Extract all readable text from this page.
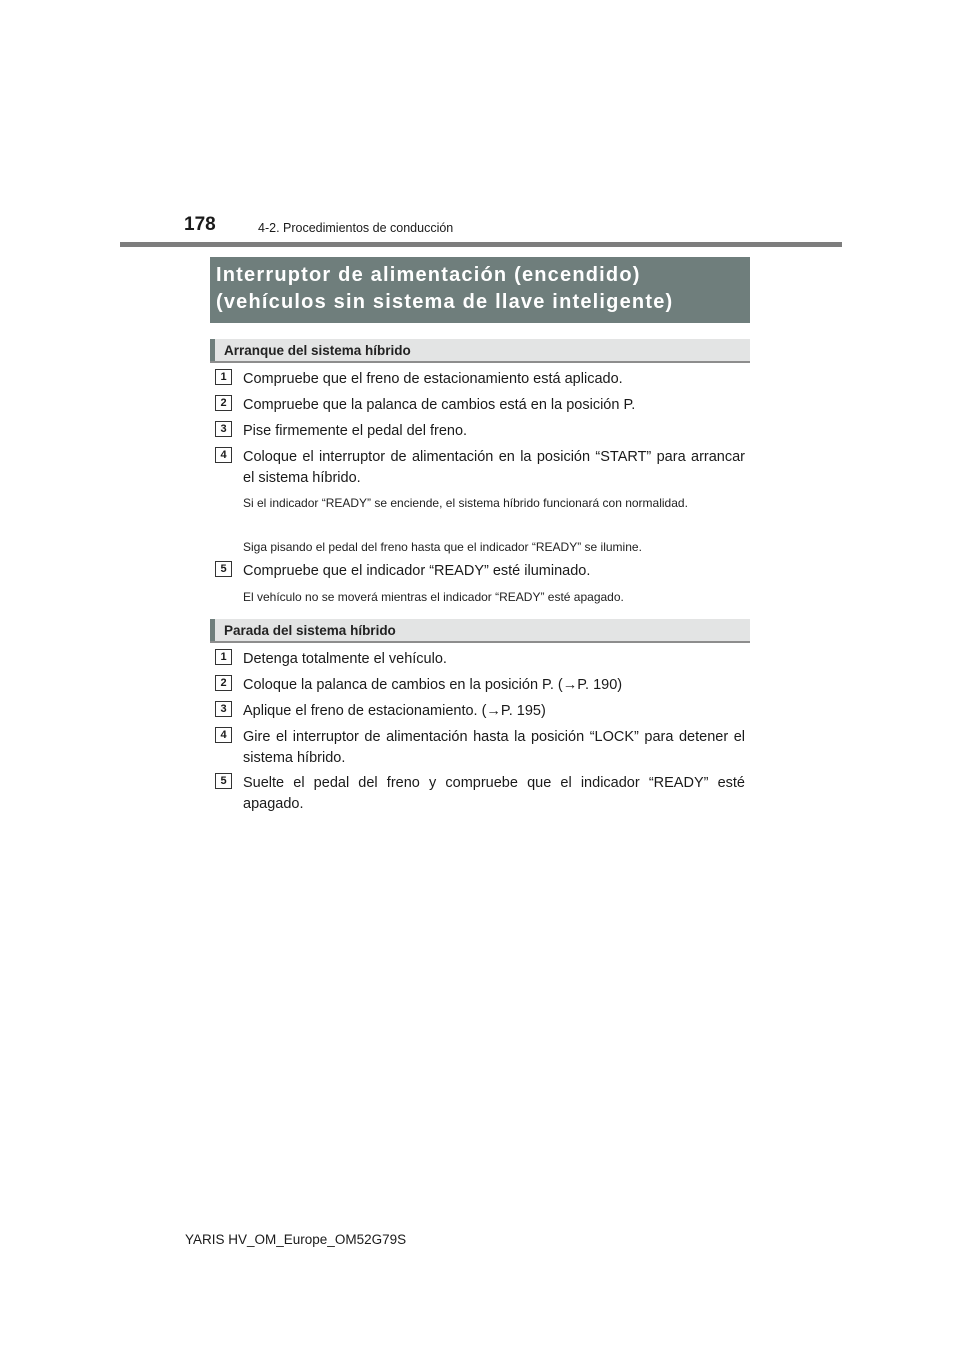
178	4-2. Procedimientos de conducción
Interruptor de alimentación (encendido)
(vehículos sin sistema de llave inteligente)
Arranque del sistema híbrido
1	Compruebe que el freno de estacionamiento está aplicado.
2	Compruebe que la palanca de cambios está en la posición P.
3	Pise firmemente el pedal del freno.
4	Coloque el interruptor de alimentación en la posición “START” para arrancar el sistema híbrido.
Si el indicador “READY” se enciende, el sistema híbrido funcionará con normalidad.
Siga pisando el pedal del freno hasta que el indicador “READY” se ilumine.
5	Compruebe que el indicador “READY” esté iluminado.
El vehículo no se moverá mientras el indicador “READY” esté apagado.
Parada del sistema híbrido
1	Detenga totalmente el vehículo.
2	Coloque la palanca de cambios en la posición P. (→P. 190)
3	Aplique el freno de estacionamiento. (→P. 195)
4	Gire el interruptor de alimentación hasta la posición “LOCK” para detener el sistema híbrido.
5	Suelte el pedal del freno y compruebe que el indicador “READY” esté apagado.
YARIS HV_OM_Europe_OM52G79S
